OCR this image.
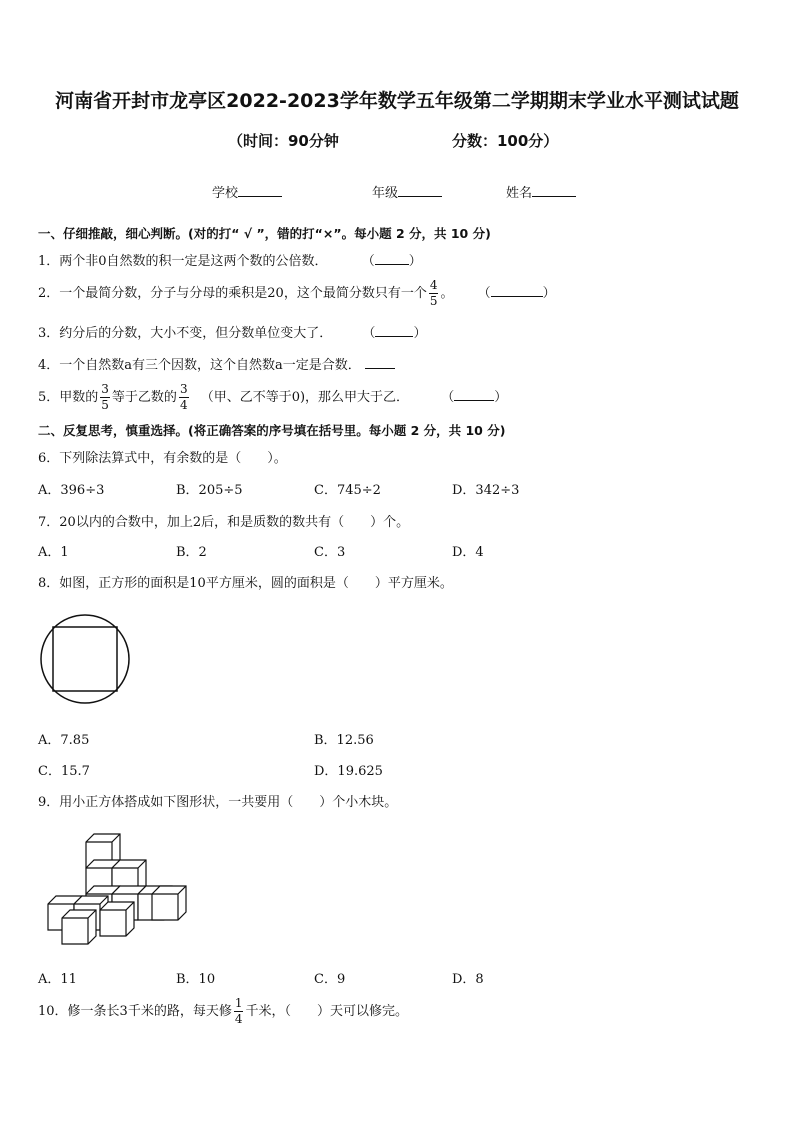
河南省开封市龙亭区2022-2023学年数学五年级第二学期期末学业水平测试试题
（时间：90分钟	分数：100分）
学校	年级	姓名
一、仔细推敲，细心判断。(对的打“ √ ”，错的打“×”。每小题 2 分，共 10 分)
1．两个非0自然数的积一定是这两个数的公倍数．	（	）
2．一个最简分数，分子与分母的乘积是20，这个最简分数只有一个 $\frac{4}{5}$ 。 （	）
3．约分后的分数，大小不变，但分数单位变大了． （	）
4．一个自然数a有三个因数，这个自然数a一定是合数．
5．甲数的 $\frac{3}{5}$ 等于乙数的 $\frac{3}{4}$ （甲、乙不等于0)，那么甲大于乙． （	）
二、反复思考，慎重选择。(将正确答案的序号填在括号里。每小题 2 分，共 10 分)
6．下列除法算式中，有余数的是（　　）。
A．396÷3	B．205÷5	C．745÷2	D．342÷3
7．20以内的合数中，加上2后，和是质数的数共有（　　）个。
A．1	B．2	C．3	D．4
8．如图，正方形的面积是10平方厘米，圆的面积是（　　）平方厘米。
A．7.85	B．12.56
C．15.7	D．19.625
9．用小正方体搭成如下图形状，一共要用（　　）个小木块。
A．11	B．10	C．9	D．8
10．修一条长3千米的路，每天修 $\frac{1}{4}$ 千米，（　　）天可以修完。
